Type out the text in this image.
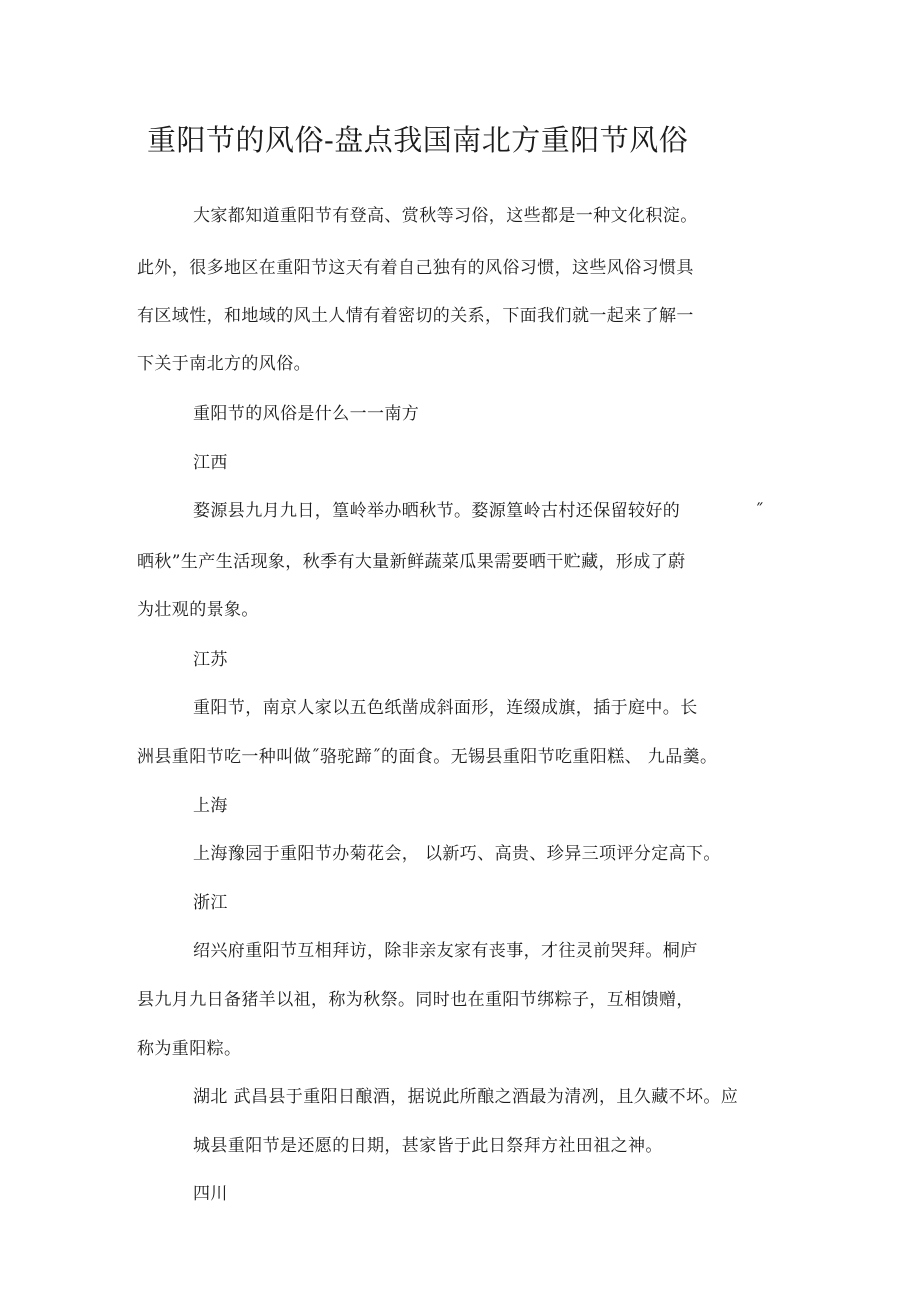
重阳节的风俗-盘点我国南北方重阳节风俗
大家都知道重阳节有登高、赏秋等习俗，这些都是一种文化积淀。
此外，很多地区在重阳节这天有着自己独有的风俗习惯，这些风俗习惯具
有区域性，和地域的风土人情有着密切的关系，下面我们就一起来了解一
下关于南北方的风俗。
重阳节的风俗是什么一一南方
江西
婺源县九月九日，篁岭举办晒秋节。婺源篁岭古村还保留较好的	˝
晒秋”生产生活现象，秋季有大量新鲜蔬菜瓜果需要晒干贮藏，形成了蔚
为壮观的景象。
江苏
重阳节，南京人家以五色纸凿成斜面形，连缀成旗，插于庭中。长
洲县重阳节吃一种叫做˝骆驼蹄˝的面食。无锡县重阳节吃重阳糕、 九品羹。
上海
上海豫园于重阳节办菊花会， 以新巧、高贵、珍异三项评分定高下。
浙江
绍兴府重阳节互相拜访，除非亲友家有丧事，才往灵前哭拜。桐庐
县九月九日备猪羊以祖，称为秋祭。同时也在重阳节绑粽子，互相馈赠，
称为重阳粽。
湖北 武昌县于重阳日酿酒，据说此所酿之酒最为清冽，且久藏不坏。应
城县重阳节是还愿的日期，甚家皆于此日祭拜方社田祖之神。
四川
